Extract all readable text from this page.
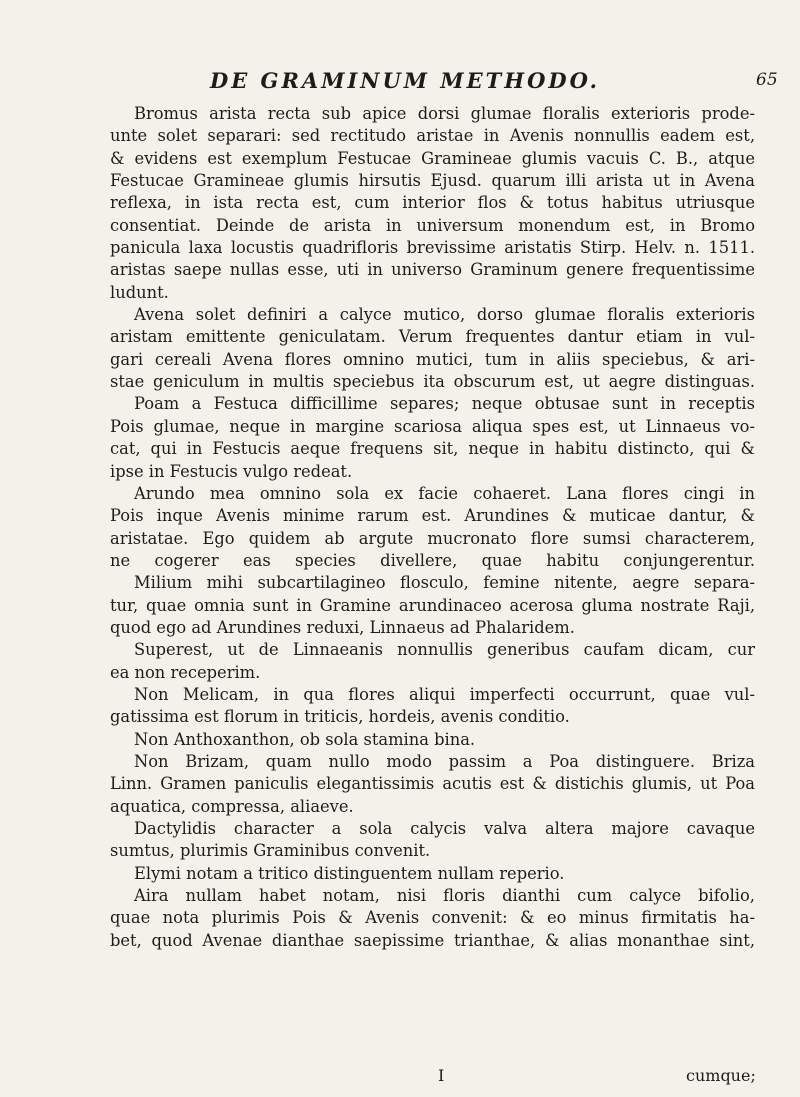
DE GRAMINUM METHODO.	65
Bromus arista recta sub apice dorsi glumae floralis exterioris prode-
unte solet separari: sed rectitudo aristae in Avenis nonnullis eadem est,
& evidens est exemplum Festucae Gramineae glumis vacuis C. B., atque
Festucae Gramineae glumis hirsutis Ejusd. quarum illi arista ut in Avena
reflexa, in ista recta est, cum interior flos & totus habitus utriusque
consentiat. Deinde de arista in universum monendum est, in Bromo
panicula laxa locustis quadrifloris brevissime aristatis Stirp. Helv. n. 1511.
aristas saepe nullas esse, uti in universo Graminum genere frequentissime
ludunt.
Avena solet definiri a calyce mutico, dorso glumae floralis exterioris
aristam emittente geniculatam. Verum frequentes dantur etiam in vul-
gari cereali Avena flores omnino mutici, tum in aliis speciebus, & ari-
stae geniculum in multis speciebus ita obscurum est, ut aegre distinguas.
Poam a Festuca difficillime separes; neque obtusae sunt in receptis
Pois glumae, neque in margine scariosa aliqua spes est, ut Linnaeus vo-
cat, qui in Festucis aeque frequens sit, neque in habitu distincto, qui &
ipse in Festucis vulgo redeat.
Arundo mea omnino sola ex facie cohaeret. Lana flores cingi in
Pois inque Avenis minime rarum est. Arundines & muticae dantur, &
aristatae. Ego quidem ab argute mucronato flore sumsi characterem,
ne cogerer eas species divellere, quae habitu conjungerentur.
Milium mihi subcartilagineo flosculo, femine nitente, aegre separa-
tur, quae omnia sunt in Gramine arundinaceo acerosa gluma nostrate Raji,
quod ego ad Arundines reduxi, Linnaeus ad Phalaridem.
Superest, ut de Linnaeanis nonnullis generibus caufam dicam, cur
ea non receperim.
Non Melicam, in qua flores aliqui imperfecti occurrunt, quae vul-
gatissima est florum in triticis, hordeis, avenis conditio.
Non Anthoxanthon, ob sola stamina bina.
Non Brizam, quam nullo modo passim a Poa distinguere. Briza
Linn. Gramen paniculis elegantissimis acutis est & distichis glumis, ut Poa
aquatica, compressa, aliaeve.
Dactylidis character a sola calycis valva altera majore cavaque
sumtus, plurimis Graminibus convenit.
Elymi notam a tritico distinguentem nullam reperio.
Aira nullam habet notam, nisi floris dianthi cum calyce bifolio,
quae nota plurimis Pois & Avenis convenit: & eo minus firmitatis ha-
bet, quod Avenae dianthae saepissime trianthae, & alias monanthae sint,
I	cumque;
